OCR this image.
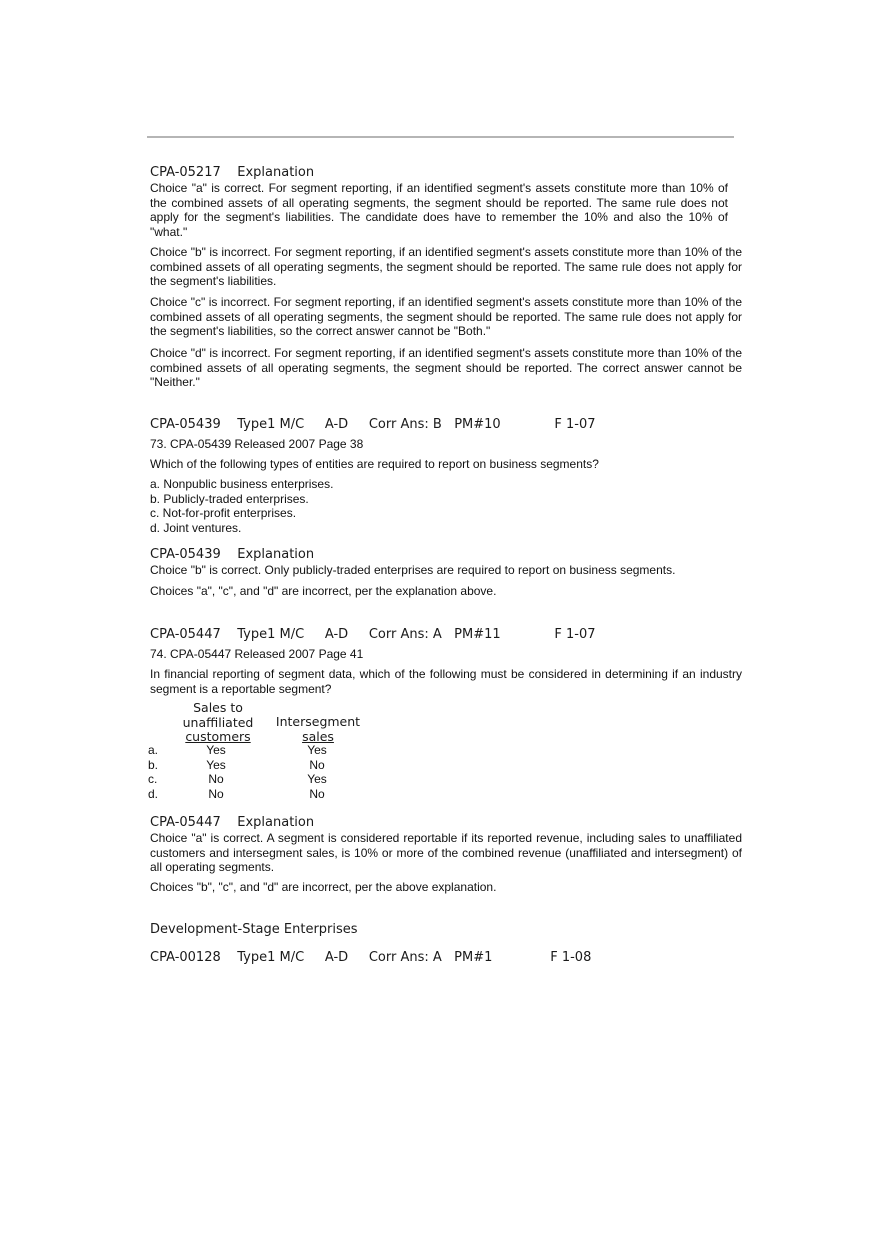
CPA-05217    Explanation

Choice "a" is correct. For segment reporting, if an identified segment's assets constitute more than 10% of the combined assets of all operating segments, the segment should be reported. The same rule does not apply for the segment's liabilities. The candidate does have to remember the 10% and also the 10% of "what."

Choice "b" is incorrect. For segment reporting, if an identified segment's assets constitute more than 10% of the combined assets of all operating segments, the segment should be reported. The same rule does not apply for the segment's liabilities.

Choice "c" is incorrect. For segment reporting, if an identified segment's assets constitute more than 10% of the combined assets of all operating segments, the segment should be reported. The same rule does not apply for the segment's liabilities, so the correct answer cannot be "Both."

Choice "d" is incorrect. For segment reporting, if an identified segment's assets constitute more than 10% of the combined assets of all operating segments, the segment should be reported. The correct answer cannot be "Neither."

CPA-05439    Type1 M/C     A-D     Corr Ans: B   PM#10             F 1-07

73. CPA-05439 Released 2007 Page 38

Which of the following types of entities are required to report on business segments?

a. Nonpublic business enterprises.

b. Publicly-traded enterprises.

c. Not-for-profit enterprises.

d. Joint ventures.

CPA-05439    Explanation

Choice "b" is correct. Only publicly-traded enterprises are required to report on business segments.

Choices "a", "c", and "d" are incorrect, per the explanation above.

CPA-05447    Type1 M/C     A-D     Corr Ans: A   PM#11             F 1-07

74. CPA-05447 Released 2007 Page 41

In financial reporting of segment data, which of the following must be considered in determining if an industry segment is a reportable segment?

Sales to
unaffiliated
customers
Intersegment
sales
a.	Yes	Yes
b.	Yes	No
c.	No	Yes
d.	No	No
CPA-05447    Explanation

Choice "a" is correct. A segment is considered reportable if its reported revenue, including sales to unaffiliated customers and intersegment sales, is 10% or more of the combined revenue (unaffiliated and intersegment) of all operating segments.

Choices "b", "c", and "d" are incorrect, per the above explanation.

Development-Stage Enterprises
CPA-00128    Type1 M/C     A-D     Corr Ans: A   PM#1              F 1-08
